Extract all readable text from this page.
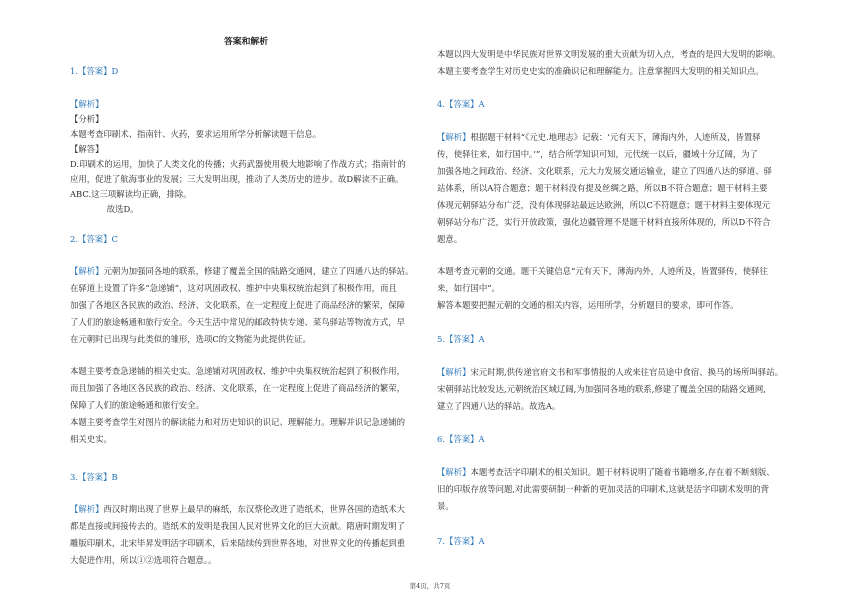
答案和解析
1.【答案】D
【解析】
【分析】
本题考查印刷术、指南针、火药，要求运用所学分析解读题干信息。
【解答】
D.印刷术的运用，加快了人类文化的传播；火药武器使用极大地影响了作战方式；指南针的
应用，促进了航海事业的发展；三大发明出现，推动了人类历史的进步。故D解读不正确。
ABC.这三项解读均正确，排除。
　　故选D。
2.【答案】C
【解析】元朝为加强同各地的联系，修建了覆盖全国的陆路交通网，建立了四通八达的驿站。
在驿道上设置了许多“急递铺”，这对巩固政权、维护中央集权统治起到了积极作用，而且
加强了各地区各民族的政治、经济、文化联系，在一定程度上促进了商品经济的繁荣，保障
了人们的旅途畅通和旅行安全。今天生活中常见的邮政特快专递、菜鸟驿站等物流方式，早
在元朝时已出现与此类似的雏形，选项C的文物能为此提供佐证。
本题主要考查急递铺的相关史实。急递铺对巩固政权、维护中央集权统治起到了积极作用，
而且加强了各地区各民族的政治、经济、文化联系，在一定程度上促进了商品经济的繁荣，
保障了人们的旅途畅通和旅行安全。
本题主要考查学生对图片的解读能力和对历史知识的识记、理解能力。理解并识记急递铺的
相关史实。
3.【答案】B
【解析】西汉时期出现了世界上最早的麻纸，东汉蔡伦改进了造纸术，世界各国的造纸术大
都是直接或间接传去的。造纸术的发明是我国人民对世界文化的巨大贡献。隋唐时期发明了
雕版印刷术，北宋毕昇发明活字印刷术，后来陆续传到世界各地，对世界文化的传播起到重
大促进作用，所以①②选项符合题意。。
本题以四大发明是中华民族对世界文明发展的重大贡献为切入点，考查的是四大发明的影响。
本题主要考查学生对历史史实的准确识记和理解能力。注意掌握四大发明的相关知识点。
4.【答案】A
【解析】根据题干材料“《元史.地理志》记载：‘元有天下，薄海内外，人迹所及，皆置驿
传，使驿往来，如行国中。’”，结合所学知识可知，元代统一以后，疆域十分辽阔，为了
加强各地之间政治、经济、文化联系，元大力发展交通运输业，建立了四通八达的驿道、驿
站体系，所以A符合题意；题干材料没有提及丝绸之路，所以B不符合题意；题干材料主要
体现元朝驿站分布广泛，没有体现驿站最远达欧洲，所以C不符题意；题干材料主要体现元
朝驿站分布广泛，实行开放政策，强化边疆管理不是题干材料直接所体现的，所以D不符合
题意。
本题考查元朝的交通。题干关键信息“元有天下，薄海内外，人迹所及，皆置驿传，使驿往
来，如行国中”。
解答本题要把握元朝的交通的相关内容，运用所学，分析题目的要求，即可作答。
5.【答案】A
【解析】宋元时期,供传递官府文书和军事情报的人或来往官员途中食宿、换马的场所叫驿站。
宋朝驿站比较发达,元朝统治区域辽阔,为加强同各地的联系,修建了覆盖全国的陆路交通网,
建立了四通八达的驿站。故选A。
6.【答案】A
【解析】本题考查活字印刷术的相关知识。题干材料说明了随着书籍增多,存在着不断刻版、
旧的印版存放等问题,对此需要研制一种新的更加灵活的印刷术,这就是活字印刷术发明的背
景。
7.【答案】A
第4页，共7页
